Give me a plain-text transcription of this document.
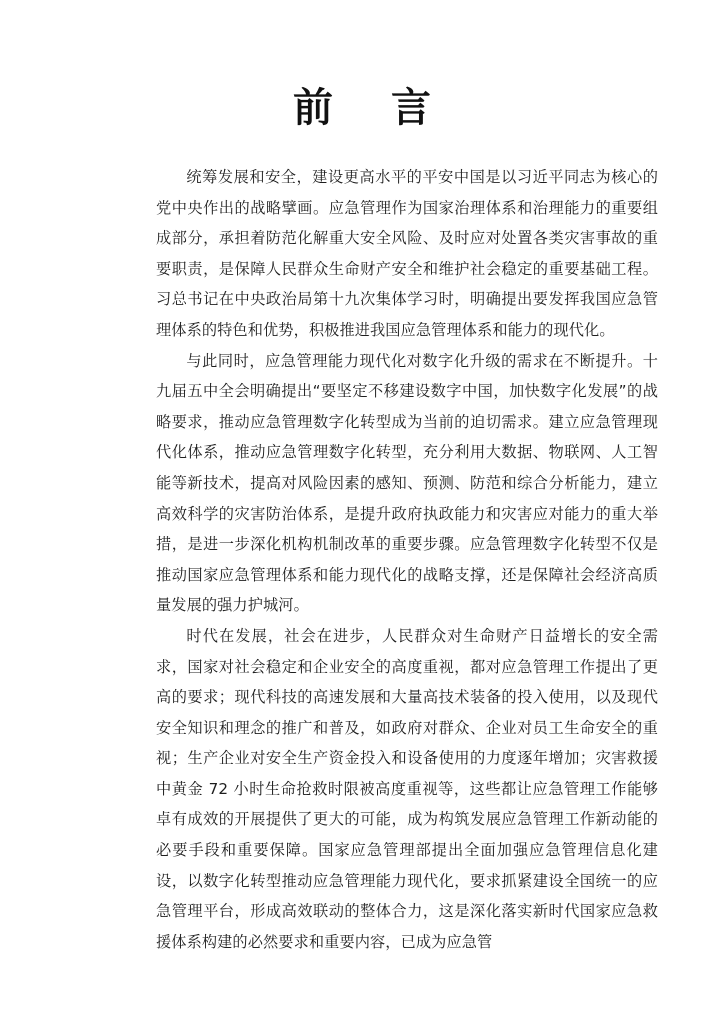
前 言

统筹发展和安全，建设更高水平的平安中国是以习近平同志为核心的党中央作出的战略擘画。应急管理作为国家治理体系和治理能力的重要组成部分，承担着防范化解重大安全风险、及时应对处置各类灾害事故的重要职责，是保障人民群众生命财产安全和维护社会稳定的重要基础工程。习总书记在中央政治局第十九次集体学习时，明确提出要发挥我国应急管理体系的特色和优势，积极推进我国应急管理体系和能力的现代化。

与此同时，应急管理能力现代化对数字化升级的需求在不断提升。十九届五中全会明确提出“要坚定不移建设数字中国，加快数字化发展”的战略要求，推动应急管理数字化转型成为当前的迫切需求。建立应急管理现代化体系，推动应急管理数字化转型，充分利用大数据、物联网、人工智能等新技术，提高对风险因素的感知、预测、防范和综合分析能力，建立高效科学的灾害防治体系，是提升政府执政能力和灾害应对能力的重大举措，是进一步深化机构机制改革的重要步骤。应急管理数字化转型不仅是推动国家应急管理体系和能力现代化的战略支撑，还是保障社会经济高质量发展的强力护城河。

时代在发展，社会在进步，人民群众对生命财产日益增长的安全需求，国家对社会稳定和企业安全的高度重视，都对应急管理工作提出了更高的要求；现代科技的高速发展和大量高技术装备的投入使用，以及现代安全知识和理念的推广和普及，如政府对群众、企业对员工生命安全的重视；生产企业对安全生产资金投入和设备使用的力度逐年增加；灾害救援中黄金 72 小时生命抢救时限被高度重视等，这些都让应急管理工作能够卓有成效的开展提供了更大的可能，成为构筑发展应急管理工作新动能的必要手段和重要保障。国家应急管理部提出全面加强应急管理信息化建设，以数字化转型推动应急管理能力现代化，要求抓紧建设全国统一的应急管理平台，形成高效联动的整体合力，这是深化落实新时代国家应急救援体系构建的必然要求和重要内容，已成为应急管
